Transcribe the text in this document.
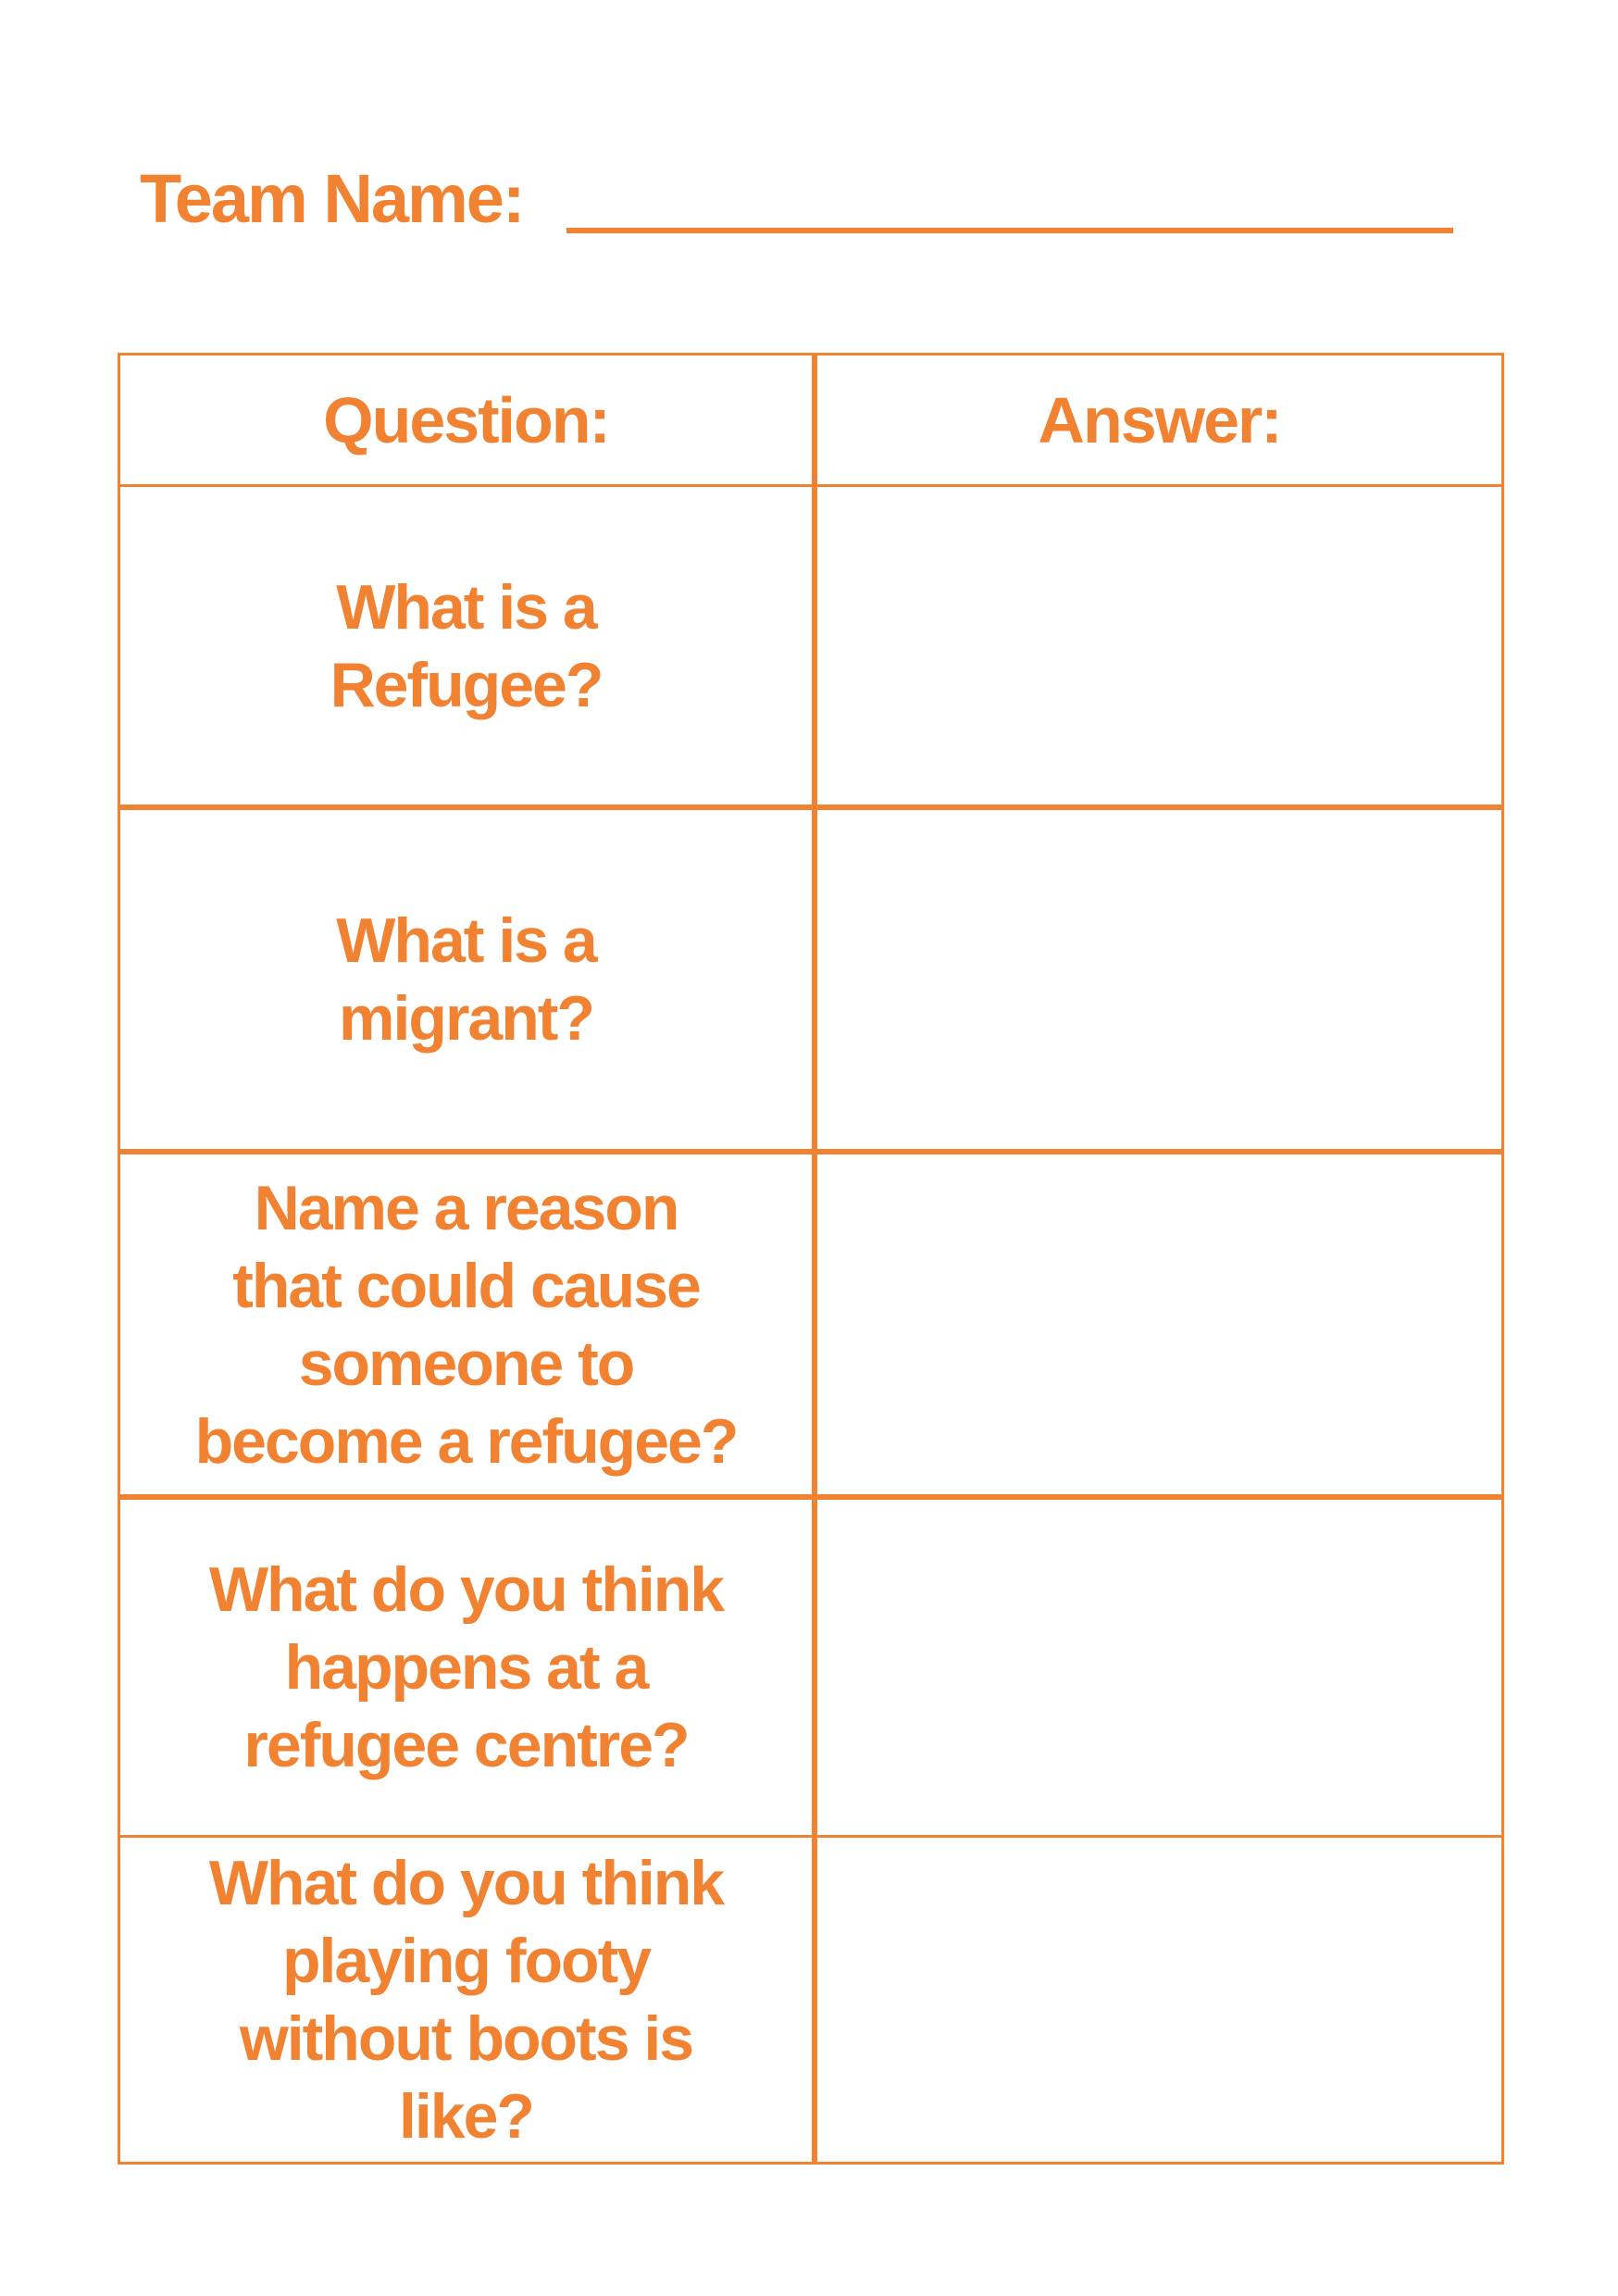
Team Name:
Question:	Answer:
What is a
Refugee?
What is a
migrant?
Name a reason
that could cause
someone to
become a refugee?
What do you think
happens at a
refugee centre?
What do you think
playing footy
without boots is
like?
